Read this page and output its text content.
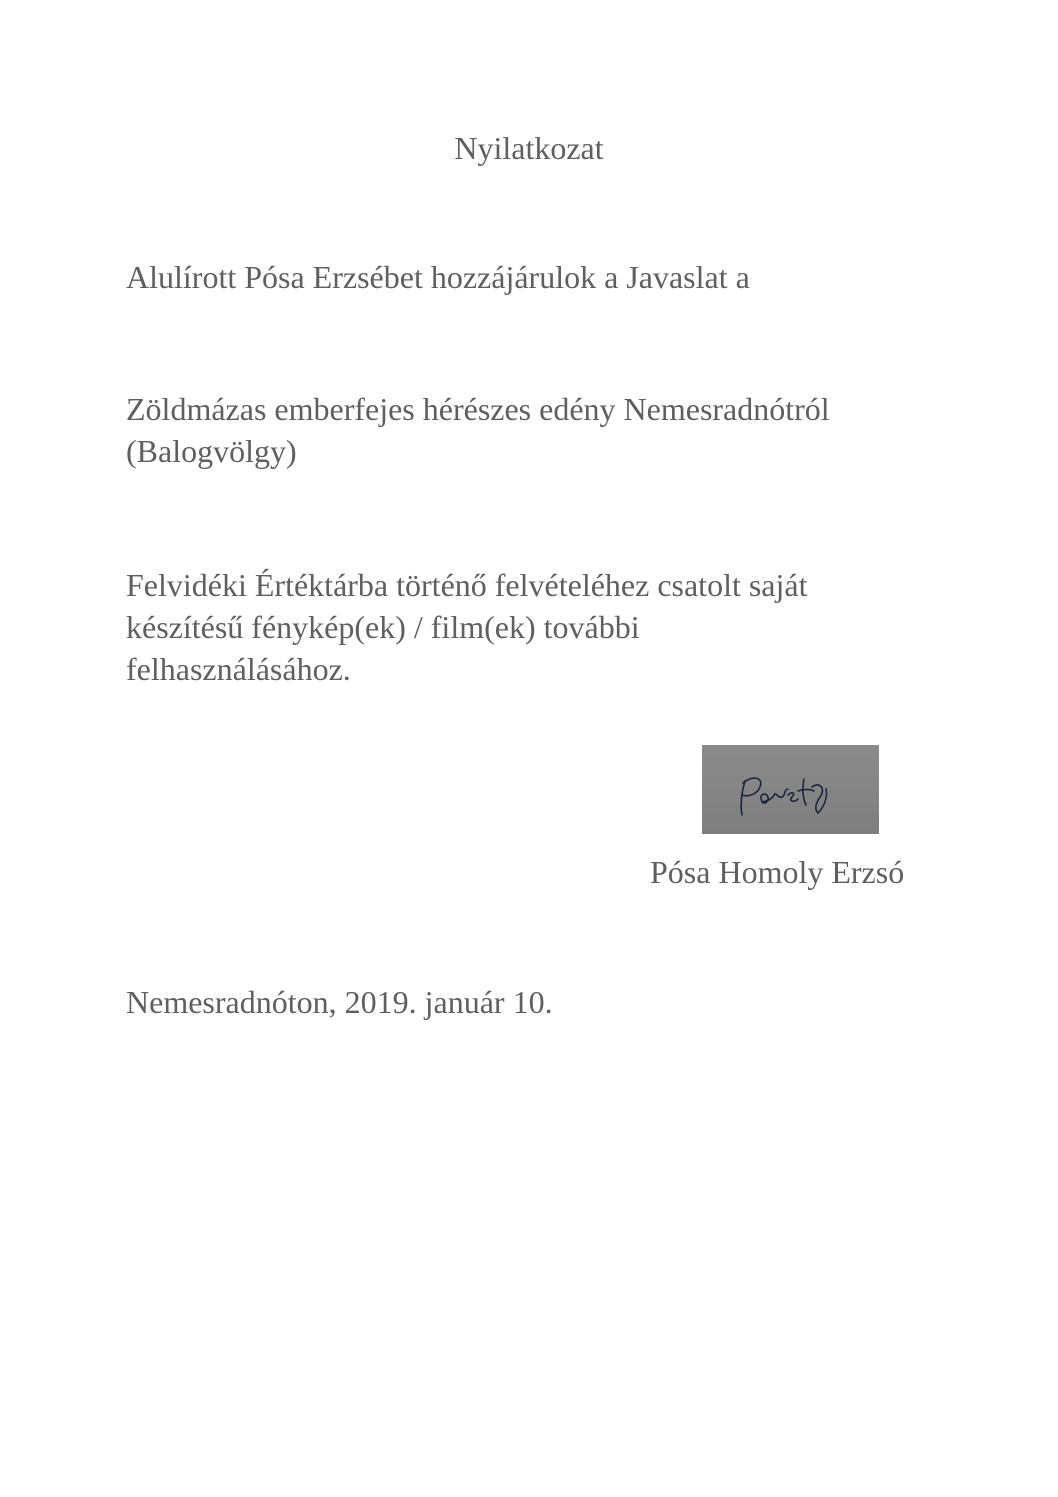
Nyilatkozat
Alulírott Pósa Erzsébet hozzájárulok a Javaslat a
Zöldmázas emberfejes hérészes edény Nemesradnótról
(Balogvölgy)
Felvidéki Értéktárba történő felvételéhez csatolt saját
készítésű fénykép(ek) / film(ek) további
felhasználásához.
Pósa Homoly Erzsó
Nemesradnóton, 2019. január 10.
